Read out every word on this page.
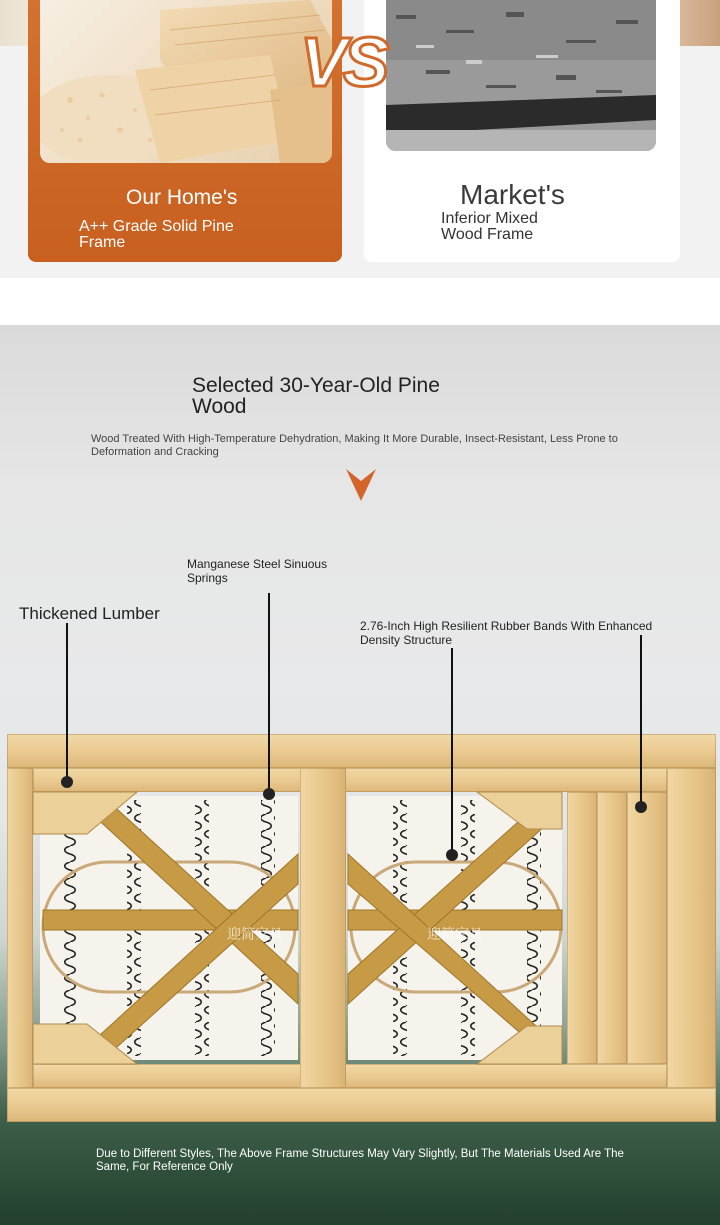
Our Home's
A++ Grade Solid Pine Frame
Market's
Inferior Mixed Wood Frame
VS
Selected 30-Year-Old Pine Wood
Wood Treated With High-Temperature Dehydration, Making It More Durable, Insect-Resistant, Less Prone to Deformation and Cracking
Manganese Steel Sinuous Springs
Thickened Lumber
2.76-Inch High Resilient Rubber Bands With Enhanced Density Structure
迎简家具	迎简家具
Due to Different Styles, The Above Frame Structures May Vary Slightly, But The Materials Used Are The Same, For Reference Only
